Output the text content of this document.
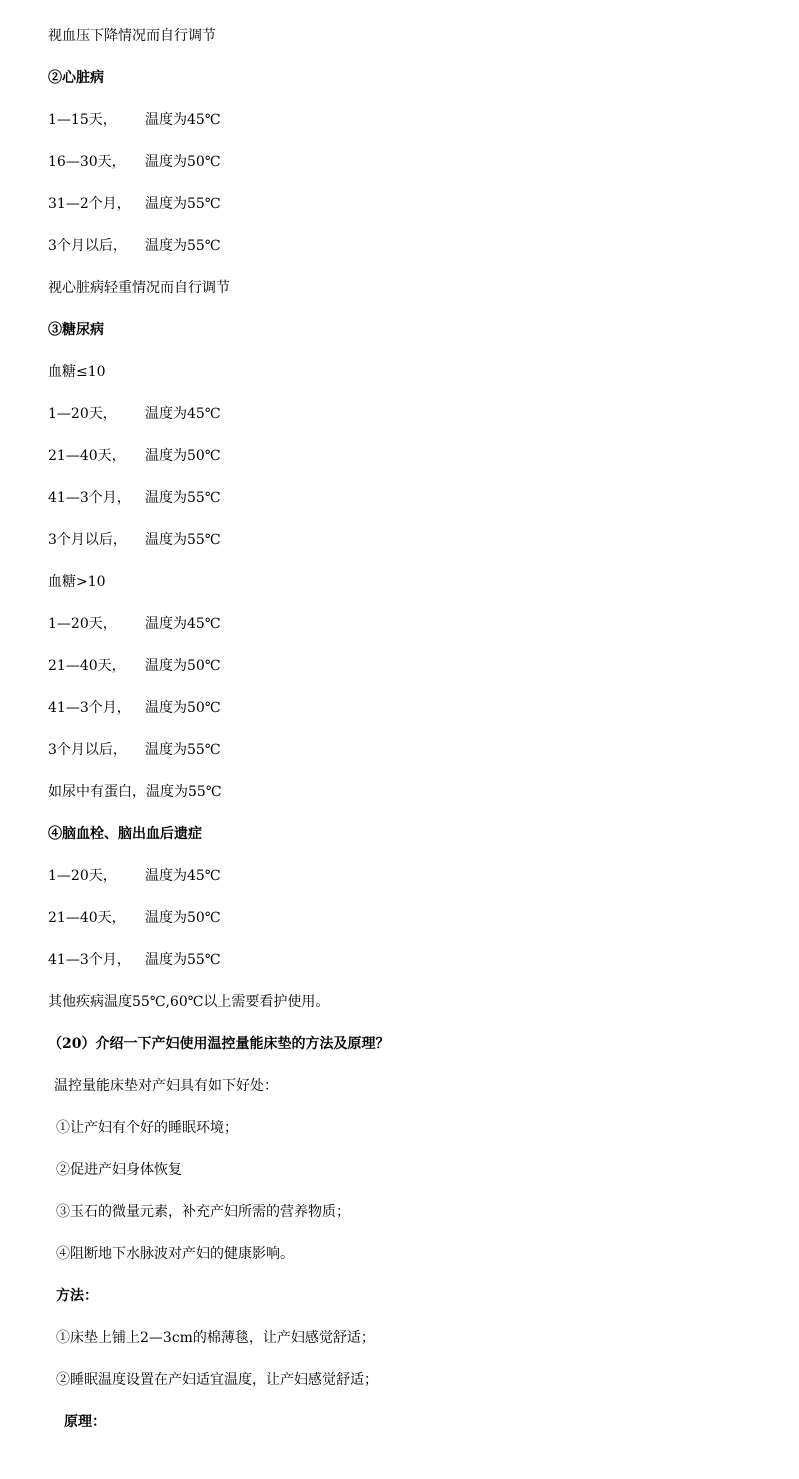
视血压下降情况而自行调节
②心脏病
1—15天，	温度为45℃
16—30天，	温度为50℃
31—2个月，	温度为55℃
3个月以后，	温度为55℃
视心脏病轻重情况而自行调节
③糖尿病
血糖≤10
1—20天，	温度为45℃
21—40天，	温度为50℃
41—3个月，	温度为55℃
3个月以后，	温度为55℃
血糖>10
1—20天，	温度为45℃
21—40天，	温度为50℃
41—3个月，	温度为50℃
3个月以后，	温度为55℃
如尿中有蛋白，温度为55℃
④脑血栓、脑出血后遗症
1—20天，	温度为45℃
21—40天，	温度为50℃
41—3个月，	温度为55℃
其他疾病温度55℃,60℃以上需要看护使用。
（20）介绍一下产妇使用温控量能床垫的方法及原理？
温控量能床垫对产妇具有如下好处：
①让产妇有个好的睡眠环境；
②促进产妇身体恢复
③玉石的微量元素，补充产妇所需的营养物质；
④阻断地下水脉波对产妇的健康影响。
方法：
①床垫上铺上2—3cm的棉薄毯，让产妇感觉舒适；
②睡眠温度设置在产妇适宜温度，让产妇感觉舒适；
原理：
